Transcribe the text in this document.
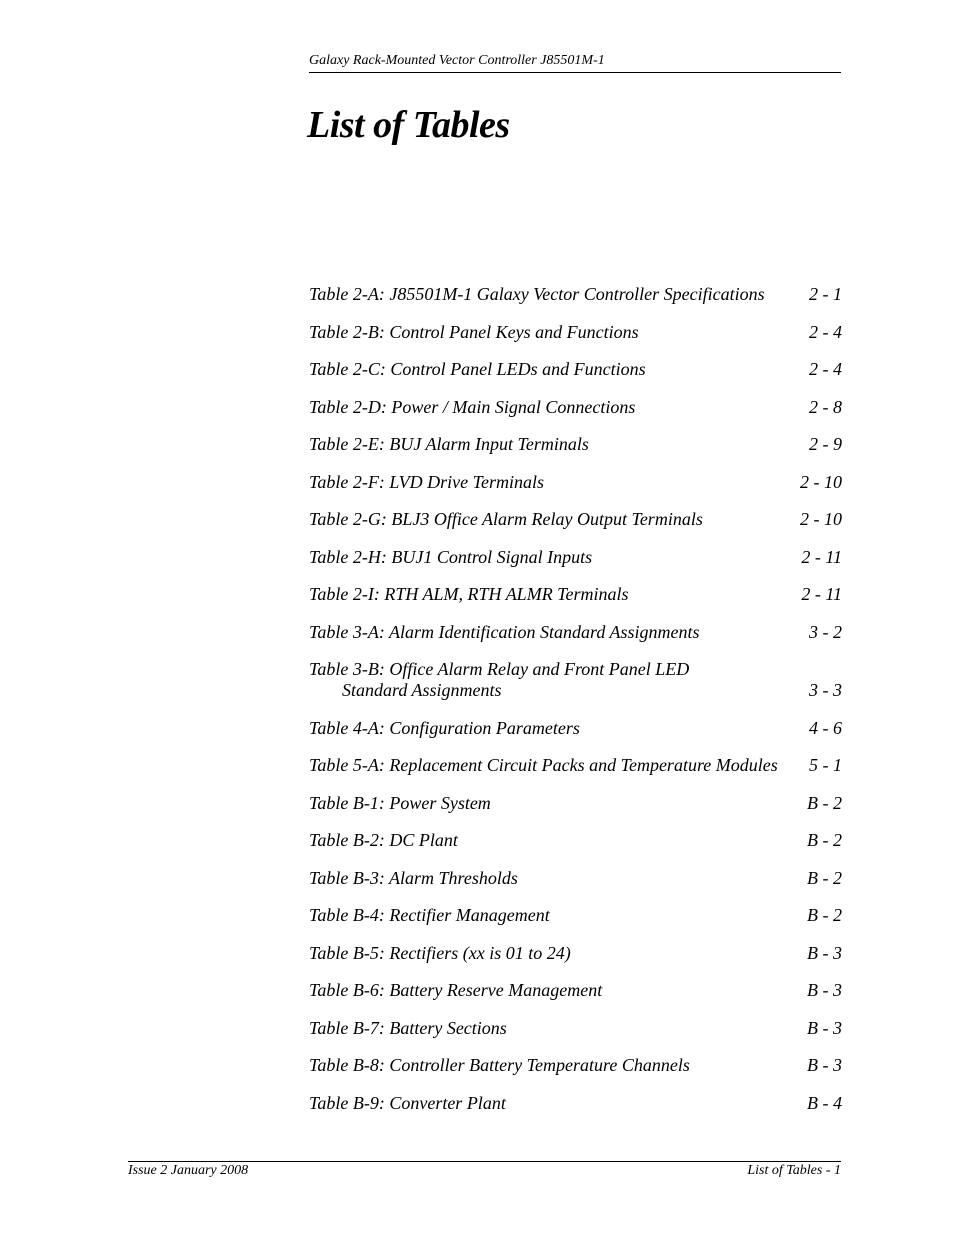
Galaxy Rack-Mounted Vector Controller J85501M-1
List of Tables
Table 2-A: J85501M-1 Galaxy Vector Controller Specifications	2 - 1
Table 2-B: Control Panel Keys and Functions	2 - 4
Table 2-C: Control Panel LEDs and Functions	2 - 4
Table 2-D: Power / Main Signal Connections	2 - 8
Table 2-E: BUJ Alarm Input Terminals	2 - 9
Table 2-F: LVD Drive Terminals	2 - 10
Table 2-G: BLJ3 Office Alarm Relay Output Terminals	2 - 10
Table 2-H: BUJ1 Control Signal Inputs	2 - 11
Table 2-I: RTH ALM, RTH ALMR Terminals	2 - 11
Table 3-A: Alarm Identification Standard Assignments	3 - 2
Table 3-B: Office Alarm Relay and Front Panel LED
Standard Assignments	3 - 3
Table 4-A: Configuration Parameters	4 - 6
Table 5-A: Replacement Circuit Packs and Temperature Modules	5 - 1
Table B-1: Power System	B - 2
Table B-2: DC Plant	B - 2
Table B-3: Alarm Thresholds	B - 2
Table B-4: Rectifier Management	B - 2
Table B-5: Rectifiers (xx is 01 to 24)	B - 3
Table B-6: Battery Reserve Management	B - 3
Table B-7: Battery Sections	B - 3
Table B-8: Controller Battery Temperature Channels	B - 3
Table B-9: Converter Plant	B - 4
Issue 2 January 2008	List of Tables - 1
